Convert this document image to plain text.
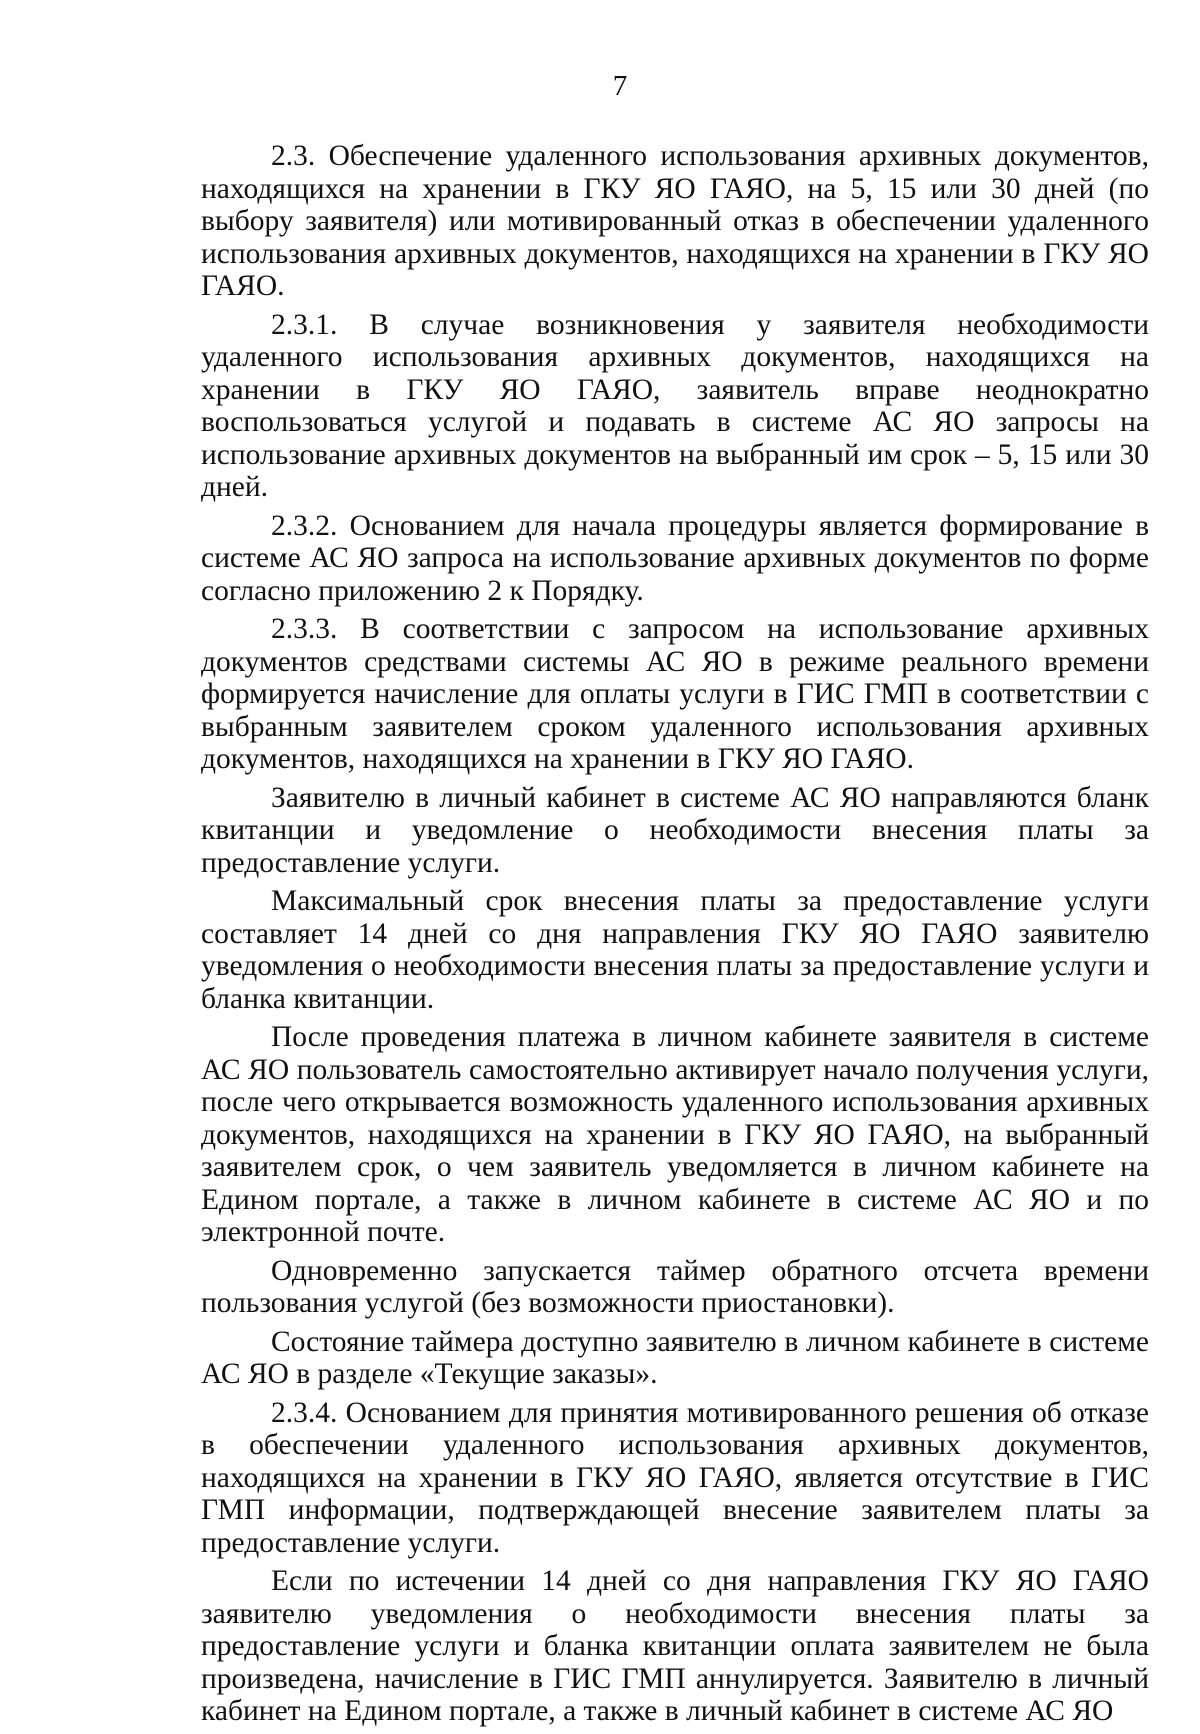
7

2.3. Обеспечение удаленного использования архивных документов, находящихся на хранении в ГКУ ЯО ГАЯО, на 5, 15 или 30 дней (по выбору заявителя) или мотивированный отказ в обеспечении удаленного использования архивных документов, находящихся на хранении в ГКУ ЯО ГАЯО.

2.3.1. В случае возникновения у заявителя необходимости удаленного использования архивных документов, находящихся на хранении в ГКУ ЯО ГАЯО, заявитель вправе неоднократно воспользоваться услугой и подавать в системе АС ЯО запросы на использование архивных документов на выбранный им срок – 5, 15 или 30 дней.

2.3.2. Основанием для начала процедуры является формирование в системе АС ЯО запроса на использование архивных документов по форме согласно приложению 2 к Порядку.

2.3.3. В соответствии с запросом на использование архивных документов средствами системы АС ЯО в режиме реального времени формируется начисление для оплаты услуги в ГИС ГМП в соответствии с выбранным заявителем сроком удаленного использования архивных документов, находящихся на хранении в ГКУ ЯО ГАЯО.

Заявителю в личный кабинет в системе АС ЯО направляются бланк квитанции и уведомление о необходимости внесения платы за предоставление услуги.

Максимальный срок внесения платы за предоставление услуги составляет 14 дней со дня направления ГКУ ЯО ГАЯО заявителю уведомления о необходимости внесения платы за предоставление услуги и бланка квитанции.

После проведения платежа в личном кабинете заявителя в системе АС ЯО пользователь самостоятельно активирует начало получения услуги, после чего открывается возможность удаленного использования архивных документов, находящихся на хранении в ГКУ ЯО ГАЯО, на выбранный заявителем срок, о чем заявитель уведомляется в личном кабинете на Едином портале, а также в личном кабинете в системе АС ЯО и по электронной почте.

Одновременно запускается таймер обратного отсчета времени пользования услугой (без возможности приостановки).

Состояние таймера доступно заявителю в личном кабинете в системе АС ЯО в разделе «Текущие заказы».

2.3.4. Основанием для принятия мотивированного решения об отказе в обеспечении удаленного использования архивных документов, находящихся на хранении в ГКУ ЯО ГАЯО, является отсутствие в ГИС ГМП информации, подтверждающей внесение заявителем платы за предоставление услуги.

Если по истечении 14 дней со дня направления ГКУ ЯО ГАЯО заявителю уведомления о необходимости внесения платы за предоставление услуги и бланка квитанции оплата заявителем не была произведена, начисление в ГИС ГМП аннулируется. Заявителю в личный кабинет на Едином портале, а также в личный кабинет в системе АС ЯО
